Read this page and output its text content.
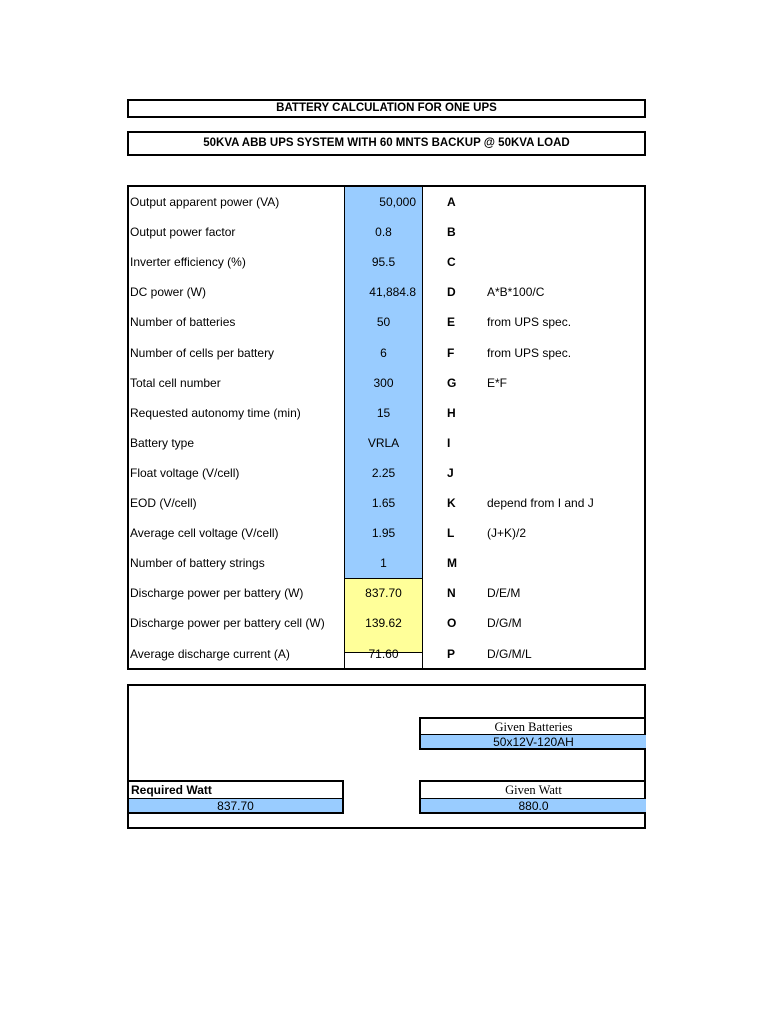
BATTERY CALCULATION FOR ONE UPS
50KVA ABB UPS SYSTEM WITH 60 MNTS BACKUP @ 50KVA LOAD
Output apparent power (VA)	50,000	A
Output power factor	0.8	B
Inverter efficiency (%)	95.5	C
DC power (W)	41,884.8	D	A*B*100/C
Number of batteries	50	E	from UPS spec.
Number of cells per battery	6	F	from UPS spec.
Total cell number	300	G	E*F
Requested autonomy time (min)	15	H
Battery type	VRLA	I
Float voltage (V/cell)	2.25	J
EOD (V/cell)	1.65	K	depend from I and J
Average cell voltage (V/cell)	1.95	L	(J+K)/2
Number of battery strings	1	M
Discharge power per battery (W)	837.70	N	D/E/M
Discharge power per battery cell (W)	139.62	O	D/G/M
Average discharge current (A)	71.60	P	D/G/M/L
Given Batteries
50x12V-120AH
Required Watt
837.70
Given Watt
880.0
